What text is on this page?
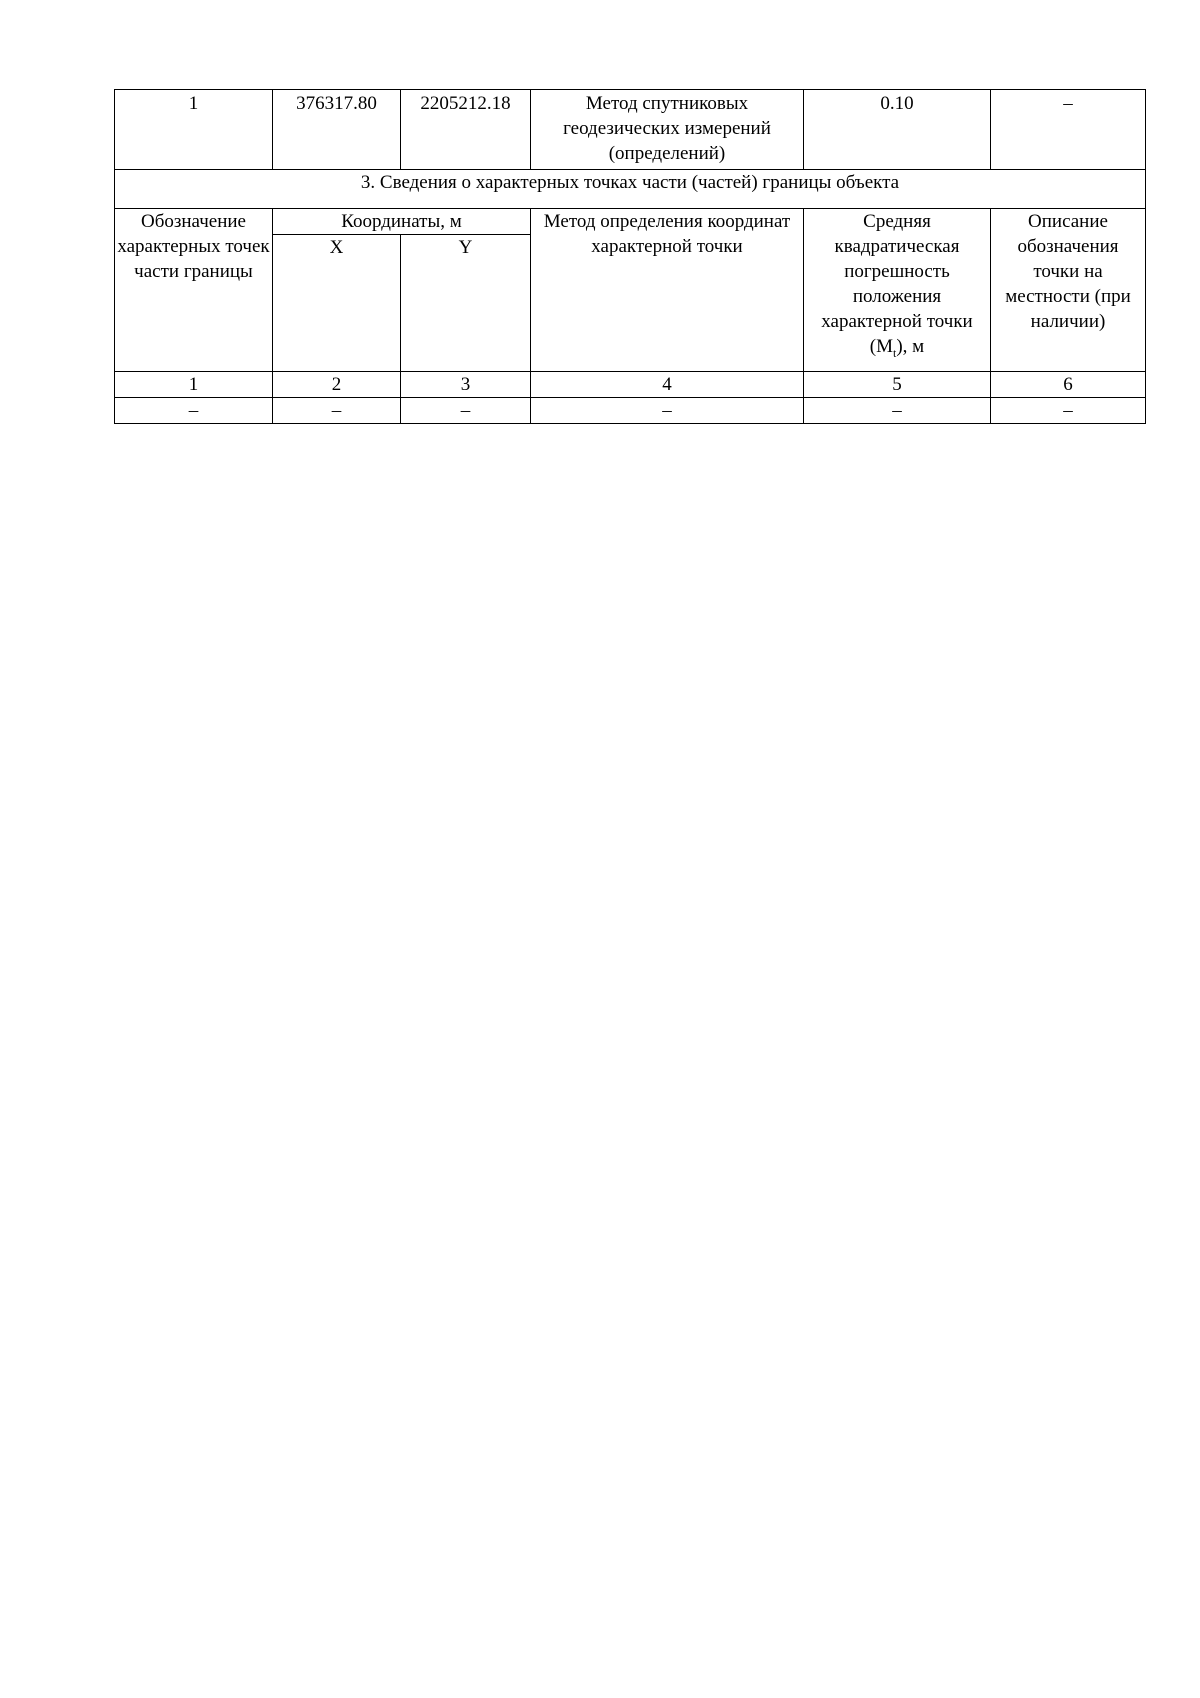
1	376317.80	2205212.18	Метод спутниковых геодезических измерений (определений)	0.10	–
3. Сведения о характерных точках части (частей) границы объекта					
Обозначение характерных точек части границы	Координаты, м		Метод определения координат характерной точки	Средняя квадратическая погрешность положения характерной точки $(M_t)$, м	Описание обозначения точки на местности (при наличии)
	X	Y			
1	2	3	4	5	6
–	–	–	–	–	–
